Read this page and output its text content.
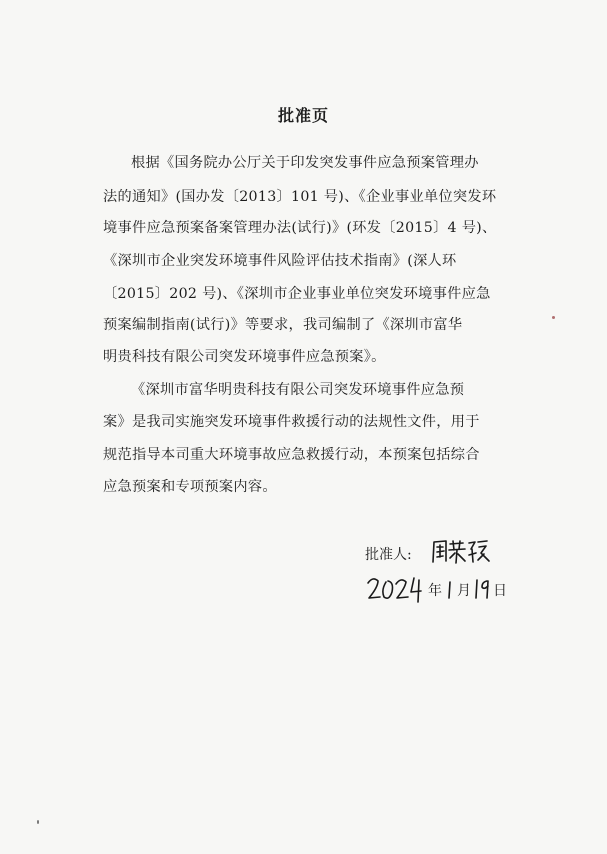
批准页
根据《国务院办公厅关于印发突发事件应急预案管理办
法的通知》(国办发〔2013〕101 号)、《企业事业单位突发环
境事件应急预案备案管理办法(试行)》(环发〔2015〕4 号)、
《深圳市企业突发环境事件风险评估技术指南》(深人环
〔2015〕202 号)、《深圳市企业事业单位突发环境事件应急
预案编制指南(试行)》等要求，我司编制了《深圳市富华
明贵科技有限公司突发环境事件应急预案》。
《深圳市富华明贵科技有限公司突发环境事件应急预
案》是我司实施突发环境事件救援行动的法规性文件，用于
规范指导本司重大环境事故应急救援行动，本预案包括综合
应急预案和专项预案内容。
批准人:
年 月 日
